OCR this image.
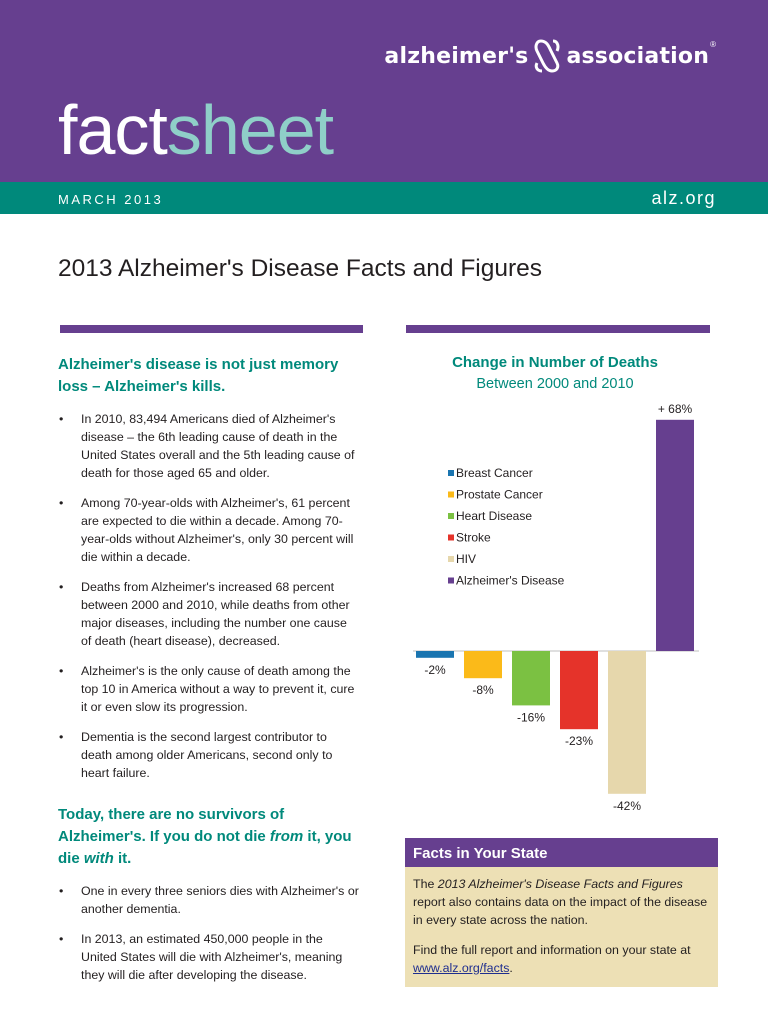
alzheimer's association ®
factsheet
MARCH 2013	alz.org
2013 Alzheimer's Disease Facts and Figures

Alzheimer's disease is not just memory loss – Alzheimer's kills.

• In 2010, 83,494 Americans died of Alzheimer's disease – the 6th leading cause of death in the United States overall and the 5th leading cause of death for those aged 65 and older.
• Among 70-year-olds with Alzheimer's, 61 percent are expected to die within a decade. Among 70-year-olds without Alzheimer's, only 30 percent will die within a decade.
• Deaths from Alzheimer's increased 68 percent between 2000 and 2010, while deaths from other major diseases, including the number one cause of death (heart disease), decreased.
• Alzheimer's is the only cause of death among the top 10 in America without a way to prevent it, cure it or even slow its progression.
• Dementia is the second largest contributor to death among older Americans, second only to heart failure.

Today, there are no survivors of Alzheimer's. If you do not die from it, you die with it.

• One in every three seniors dies with Alzheimer's or another dementia.
• In 2013, an estimated 450,000 people in the United States will die with Alzheimer's, meaning they will die after developing the disease.
Change in Number of Deaths
Between 2000 and 2010
-2%
-8%
-16%
-23%
-42%
+ 68%
Breast Cancer
Prostate Cancer
Heart Disease
Stroke
HIV
Alzheimer's Disease
Facts in Your State

The 2013 Alzheimer's Disease Facts and Figures report also contains data on the impact of the disease in every state across the nation.

Find the full report and information on your state at www.alz.org/facts.
